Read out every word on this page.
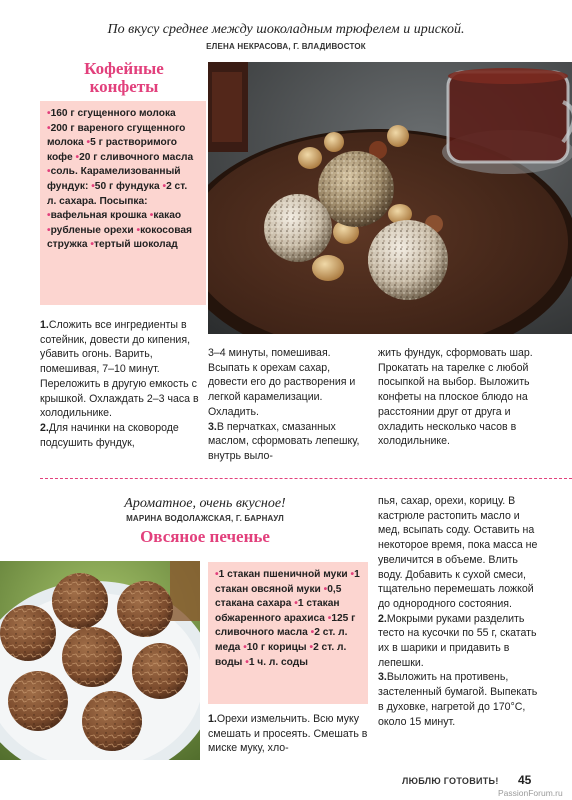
По вкусу среднее между шоколадным трюфелем и ириской.
ЕЛЕНА НЕКРАСОВА, Г. ВЛАДИВОСТОК
Кофейные
конфеты
•160 г сгущенного молока •200 г вареного сгущенного молока •5 г растворимого кофе •20 г сливочного масла •соль. Карамелизованный фундук: •50 г фундука •2 ст. л. сахара. Посыпка: •вафельная крошка •какао •рубленые орехи •кокосовая стружка •тертый шоколад
1.Сложить все ингредиенты в сотейник, довести до кипения, убавить огонь. Варить, помешивая, 7–10 минут. Переложить в другую емкость с крышкой. Охлаждать 2–3 часа в холодильнике.
2.Для начинки на сковороде подсушить фундук,
3–4 минуты, помешивая. Всыпать к орехам сахар, довести его до растворения и легкой карамелизации. Охладить.
3.В перчатках, смазанных маслом, сформовать лепешку, внутрь выло-
жить фундук, сформовать шар. Прокатать на тарелке с любой посыпкой на выбор. Выложить конфеты на плоское блюдо на расстоянии друг от друга и охладить несколько часов в холодильнике.
Ароматное, очень вкусное!
МАРИНА ВОДОЛАЖСКАЯ, Г. БАРНАУЛ
Овсяное печенье
•1 стакан пшеничной муки •1 стакан овсяной муки •0,5 стакана сахара •1 стакан обжаренного арахиса •125 г сливочного масла •2 ст. л. меда •10 г корицы •2 ст. л. воды •1 ч. л. соды
1.Орехи измельчить. Всю муку смешать и просеять. Смешать в миске муку, хло-
пья, сахар, орехи, корицу. В кастрюле растопить масло и мед, всыпать соду. Оставить на некоторое время, пока масса не увеличится в объеме. Влить воду. Добавить к сухой смеси, тщательно перемешать ложкой до однородного состояния.
2.Мокрыми руками разделить тесто на кусочки по 55 г, скатать их в шарики и придавить в лепешки.
3.Выложить на противень, застеленный бумагой. Выпекать в духовке, нагретой до 170°C, около 15 минут.
ЛЮБЛЮ ГОТОВИТЬ! 45
PassionForum.ru
